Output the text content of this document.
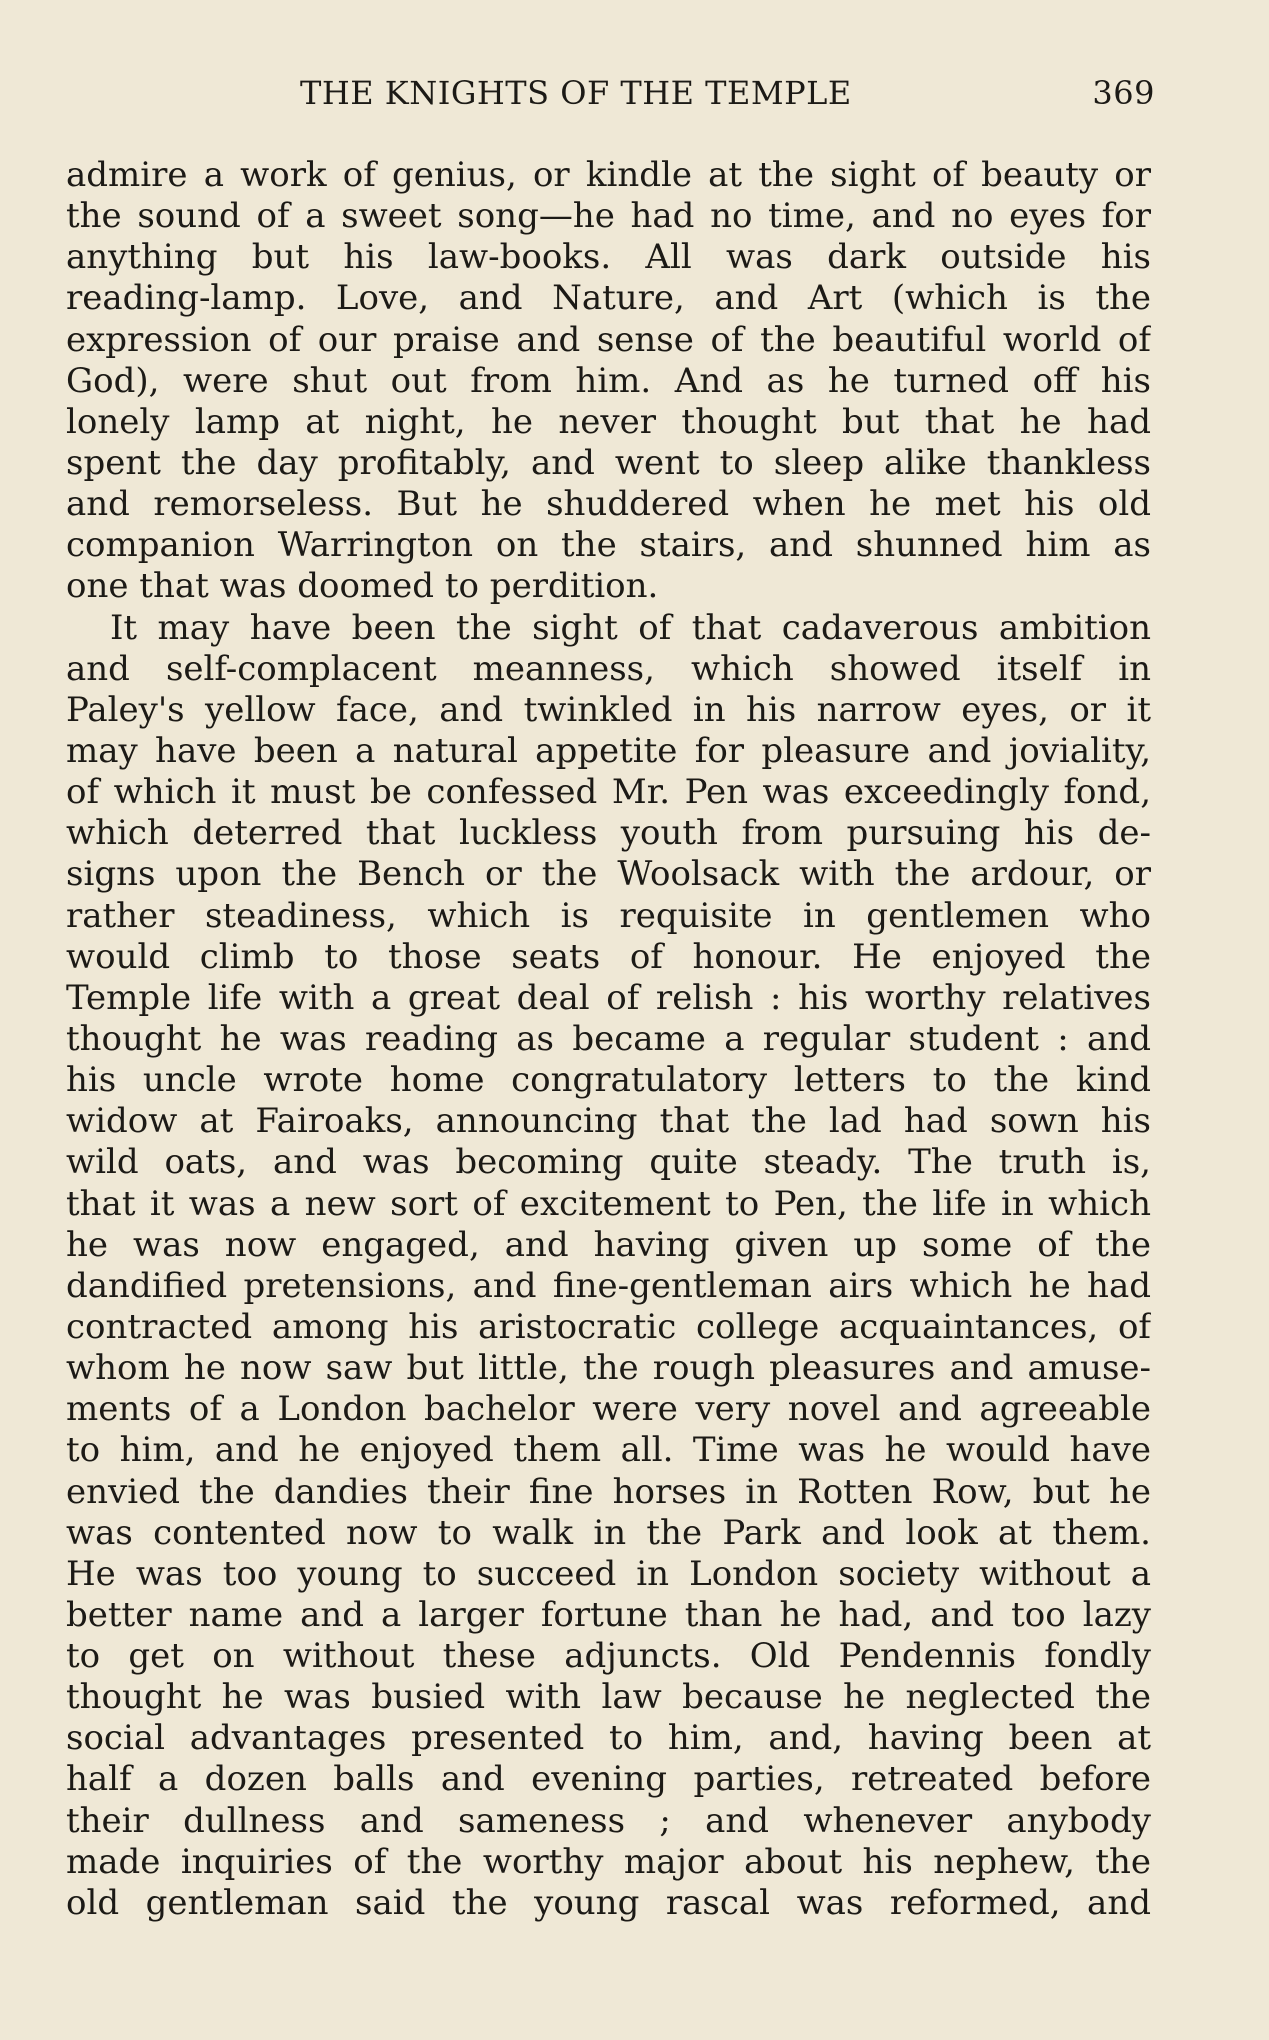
THE KNIGHTS OF THE TEMPLE	369
admire a work of genius, or kindle at the sight of beauty or
the sound of a sweet song—he had no time, and no eyes for
anything but his law-books. All was dark outside his
reading-lamp. Love, and Nature, and Art (which is the
expression of our praise and sense of the beautiful world of
God), were shut out from him. And as he turned off his
lonely lamp at night, he never thought but that he had
spent the day profitably, and went to sleep alike thankless
and remorseless. But he shuddered when he met his old
companion Warrington on the stairs, and shunned him as
one that was doomed to perdition.
It may have been the sight of that cadaverous ambition
and self-complacent meanness, which showed itself in
Paley's yellow face, and twinkled in his narrow eyes, or it
may have been a natural appetite for pleasure and joviality,
of which it must be confessed Mr. Pen was exceedingly fond,
which deterred that luckless youth from pursuing his de-
signs upon the Bench or the Woolsack with the ardour, or
rather steadiness, which is requisite in gentlemen who
would climb to those seats of honour. He enjoyed the
Temple life with a great deal of relish : his worthy relatives
thought he was reading as became a regular student : and
his uncle wrote home congratulatory letters to the kind
widow at Fairoaks, announcing that the lad had sown his
wild oats, and was becoming quite steady. The truth is,
that it was a new sort of excitement to Pen, the life in which
he was now engaged, and having given up some of the
dandified pretensions, and fine-gentleman airs which he had
contracted among his aristocratic college acquaintances, of
whom he now saw but little, the rough pleasures and amuse-
ments of a London bachelor were very novel and agreeable
to him, and he enjoyed them all. Time was he would have
envied the dandies their fine horses in Rotten Row, but he
was contented now to walk in the Park and look at them.
He was too young to succeed in London society without a
better name and a larger fortune than he had, and too lazy
to get on without these adjuncts. Old Pendennis fondly
thought he was busied with law because he neglected the
social advantages presented to him, and, having been at
half a dozen balls and evening parties, retreated before
their dullness and sameness ; and whenever anybody
made inquiries of the worthy major about his nephew, the
old gentleman said the young rascal was reformed, and
